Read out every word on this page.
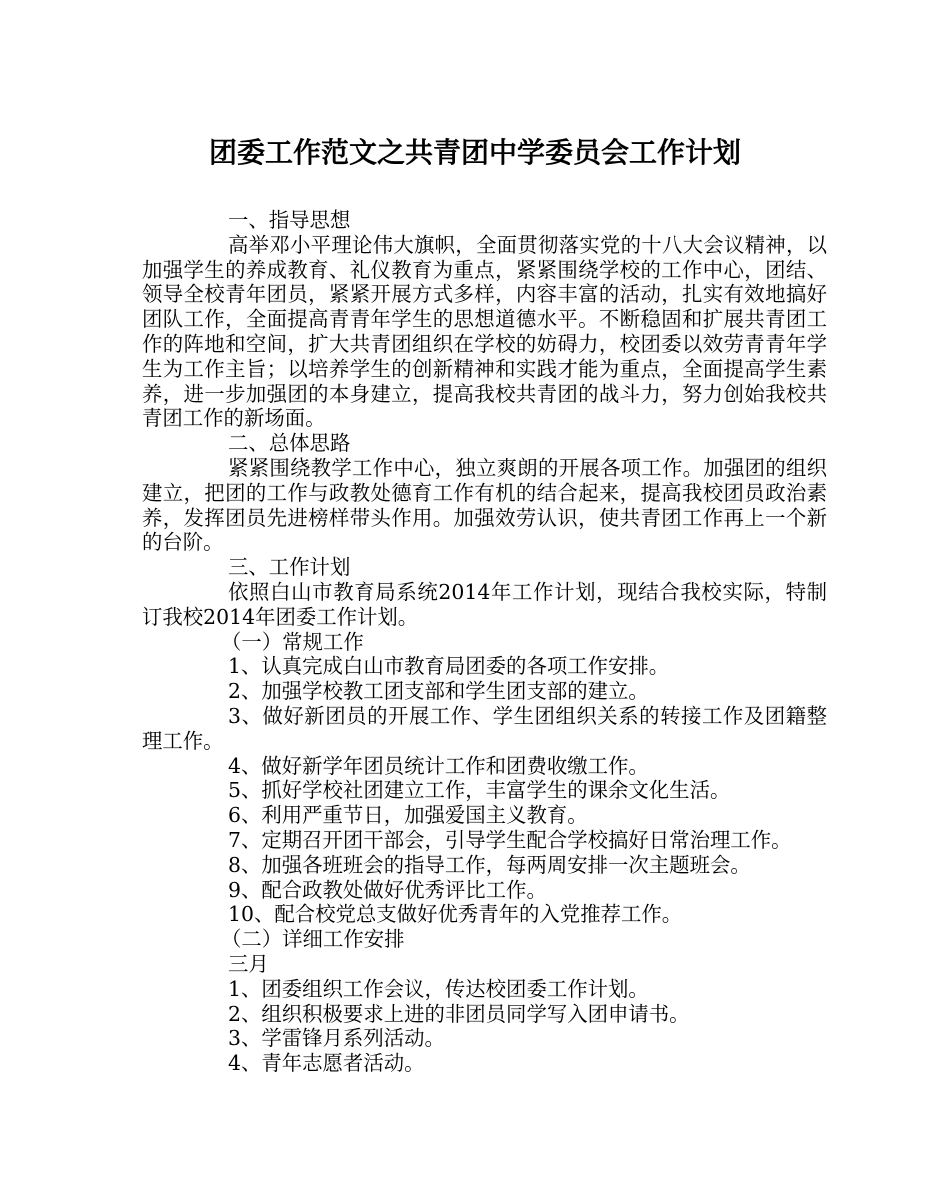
团委工作范文之共青团中学委员会工作计划

一、指导思想

高举邓小平理论伟大旗帜，全面贯彻落实党的十八大会议精神，以加强学生的养成教育、礼仪教育为重点，紧紧围绕学校的工作中心，团结、领导全校青年团员，紧紧开展方式多样，内容丰富的活动，扎实有效地搞好团队工作，全面提高青青年学生的思想道德水平。不断稳固和扩展共青团工作的阵地和空间，扩大共青团组织在学校的妨碍力，校团委以效劳青青年学生为工作主旨；以培养学生的创新精神和实践才能为重点，全面提高学生素养，进一步加强团的本身建立，提高我校共青团的战斗力，努力创始我校共青团工作的新场面。

二、总体思路

紧紧围绕教学工作中心，独立爽朗的开展各项工作。加强团的组织建立，把团的工作与政教处德育工作有机的结合起来，提高我校团员政治素养，发挥团员先进榜样带头作用。加强效劳认识，使共青团工作再上一个新的台阶。

三、工作计划

依照白山市教育局系统2014年工作计划，现结合我校实际，特制订我校2014年团委工作计划。

（一）常规工作

1、认真完成白山市教育局团委的各项工作安排。

2、加强学校教工团支部和学生团支部的建立。

3、做好新团员的开展工作、学生团组织关系的转接工作及团籍整理工作。

4、做好新学年团员统计工作和团费收缴工作。

5、抓好学校社团建立工作，丰富学生的课余文化生活。

6、利用严重节日，加强爱国主义教育。

7、定期召开团干部会，引导学生配合学校搞好日常治理工作。

8、加强各班班会的指导工作，每两周安排一次主题班会。

9、配合政教处做好优秀评比工作。

10、配合校党总支做好优秀青年的入党推荐工作。

（二）详细工作安排

三月

1、团委组织工作会议，传达校团委工作计划。

2、组织积极要求上进的非团员同学写入团申请书。

3、学雷锋月系列活动。

4、青年志愿者活动。
